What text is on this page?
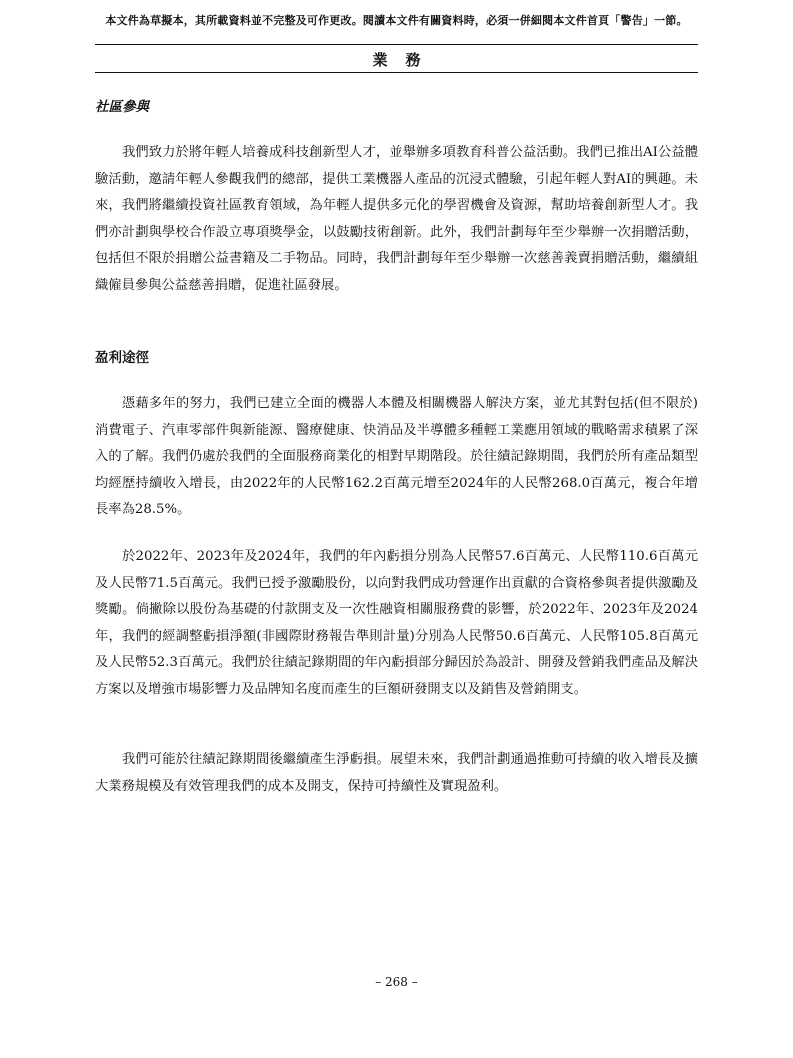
本文件為草擬本，其所載資料並不完整及可作更改。閱讀本文件有關資料時，必須一併細閱本文件首頁「警告」一節。
業務
社區參與
我們致力於將年輕人培養成科技創新型人才，並舉辦多項教育科普公益活動。我們已推出AI公益體驗活動，邀請年輕人參觀我們的總部，提供工業機器人產品的沉浸式體驗，引起年輕人對AI的興趣。未來，我們將繼續投資社區教育領域，為年輕人提供多元化的學習機會及資源，幫助培養創新型人才。我們亦計劃與學校合作設立專項獎學金，以鼓勵技術創新。此外，我們計劃每年至少舉辦一次捐贈活動，包括但不限於捐贈公益書籍及二手物品。同時，我們計劃每年至少舉辦一次慈善義賣捐贈活動，繼續組織僱員參與公益慈善捐贈，促進社區發展。
盈利途徑
憑藉多年的努力，我們已建立全面的機器人本體及相關機器人解決方案，並尤其對包括(但不限於)消費電子、汽車零部件與新能源、醫療健康、快消品及半導體多種輕工業應用領域的戰略需求積累了深入的了解。我們仍處於我們的全面服務商業化的相對早期階段。於往績記錄期間，我們於所有產品類型均經歷持續收入增長，由2022年的人民幣162.2百萬元增至2024年的人民幣268.0百萬元，複合年增長率為28.5%。
於2022年、2023年及2024年，我們的年內虧損分別為人民幣57.6百萬元、人民幣110.6百萬元及人民幣71.5百萬元。我們已授予激勵股份，以向對我們成功營運作出貢獻的合資格參與者提供激勵及獎勵。倘撇除以股份為基礎的付款開支及一次性融資相關服務費的影響，於2022年、2023年及2024年，我們的經調整虧損淨額(非國際財務報告準則計量)分別為人民幣50.6百萬元、人民幣105.8百萬元及人民幣52.3百萬元。我們於往績記錄期間的年內虧損部分歸因於為設計、開發及營銷我們產品及解決方案以及增強市場影響力及品牌知名度而產生的巨額研發開支以及銷售及營銷開支。
我們可能於往績記錄期間後繼續產生淨虧損。展望未來，我們計劃通過推動可持續的收入增長及擴大業務規模及有效管理我們的成本及開支，保持可持續性及實現盈利。
– 268 –
